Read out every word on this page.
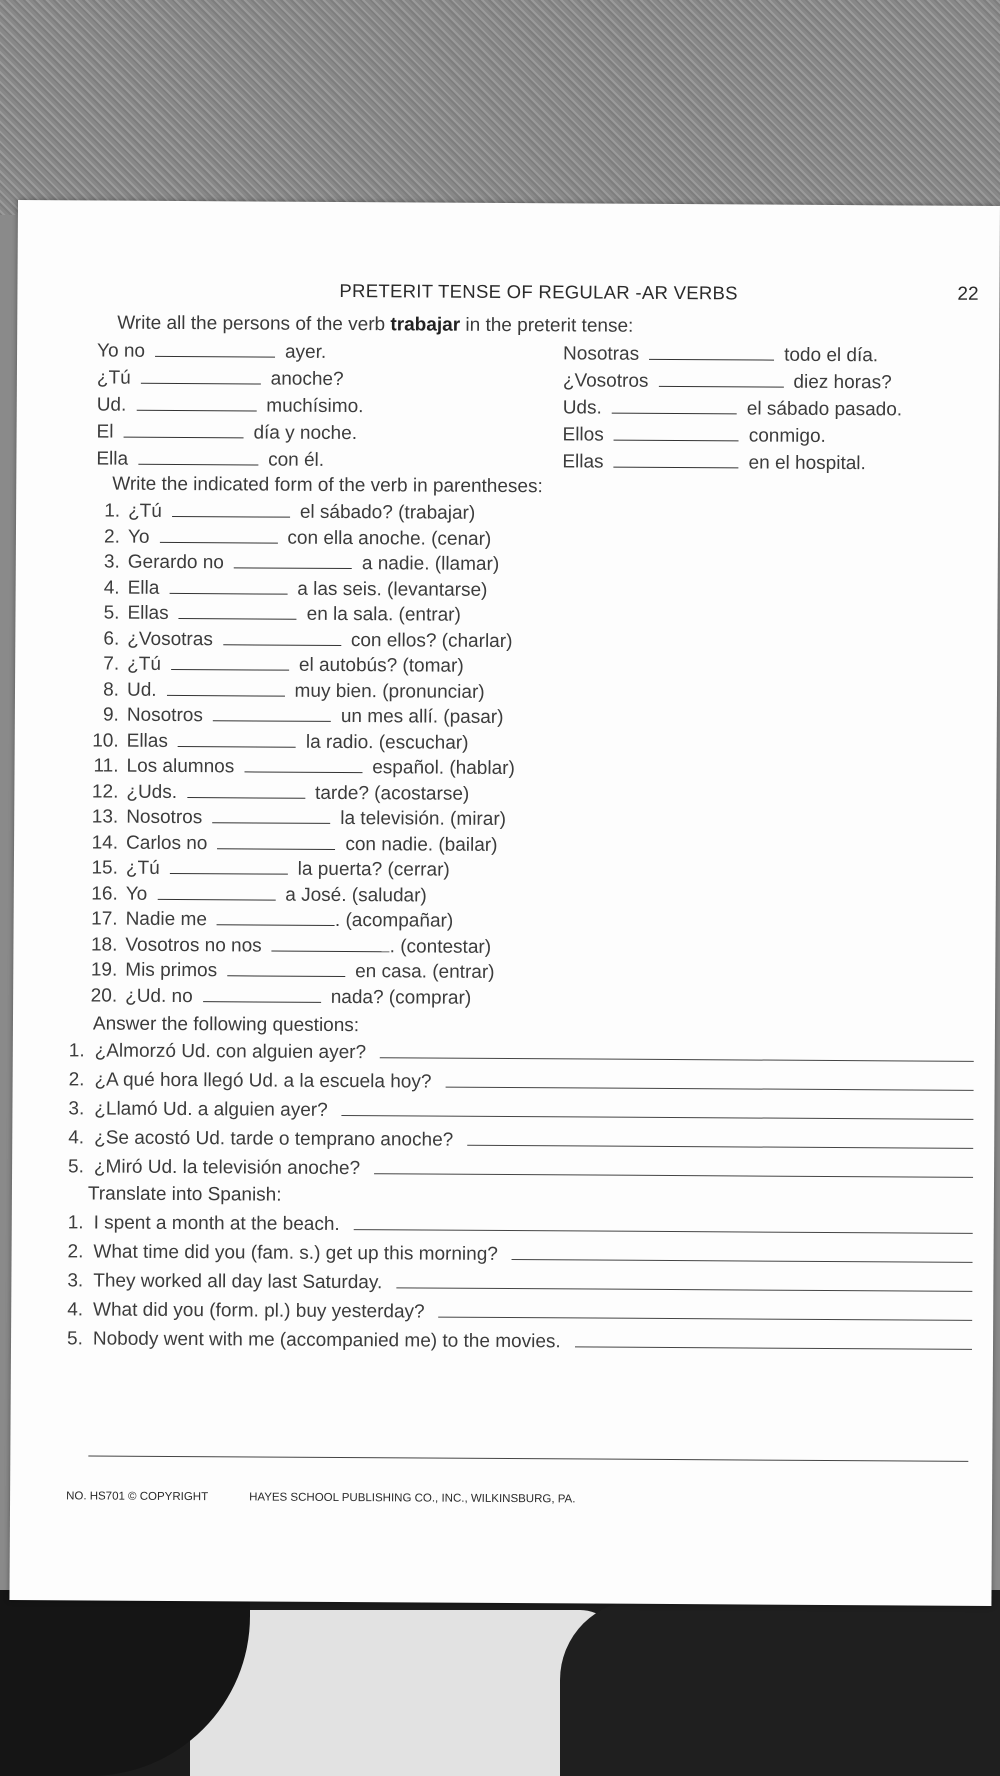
PRETERIT TENSE OF REGULAR -AR VERBS	22
Write all the persons of the verb trabajar in the preterit tense:
Yo no	ayer.
¿Tú	anoche?
Ud.	muchísimo.
El	día y noche.
Ella	con él.
Nosotras	todo el día.
¿Vosotros	diez horas?
Uds.	el sábado pasado.
Ellos	conmigo.
Ellas	en el hospital.
Write the indicated form of the verb in parentheses:
1. ¿Tú	el sábado? (trabajar)
2. Yo	con ella anoche. (cenar)
3. Gerardo no	a nadie. (llamar)
4. Ella	a las seis. (levantarse)
5. Ellas	en la sala. (entrar)
6. ¿Vosotras	con ellos? (charlar)
7. ¿Tú	el autobús? (tomar)
8. Ud.	muy bien. (pronunciar)
9. Nosotros	un mes allí. (pasar)
10. Ellas	la radio. (escuchar)
11. Los alumnos	español. (hablar)
12. ¿Uds.	tarde? (acostarse)
13. Nosotros	la televisión. (mirar)
14. Carlos no	con nadie. (bailar)
15. ¿Tú	la puerta? (cerrar)
16. Yo	a José. (saludar)
17. Nadie me	. (acompañar)
18. Vosotros no nos	. (contestar)
19. Mis primos	en casa. (entrar)
20. ¿Ud. no	nada? (comprar)
Answer the following questions:
1. ¿Almorzó Ud. con alguien ayer?
2. ¿A qué hora llegó Ud. a la escuela hoy?
3. ¿Llamó Ud. a alguien ayer?
4. ¿Se acostó Ud. tarde o temprano anoche?
5. ¿Miró Ud. la televisión anoche?
Translate into Spanish:
1. I spent a month at the beach.
2. What time did you (fam. s.) get up this morning?
3. They worked all day last Saturday.
4. What did you (form. pl.) buy yesterday?
5. Nobody went with me (accompanied me) to the movies.
NO. HS701 © COPYRIGHT	HAYES SCHOOL PUBLISHING CO., INC., WILKINSBURG, PA.
